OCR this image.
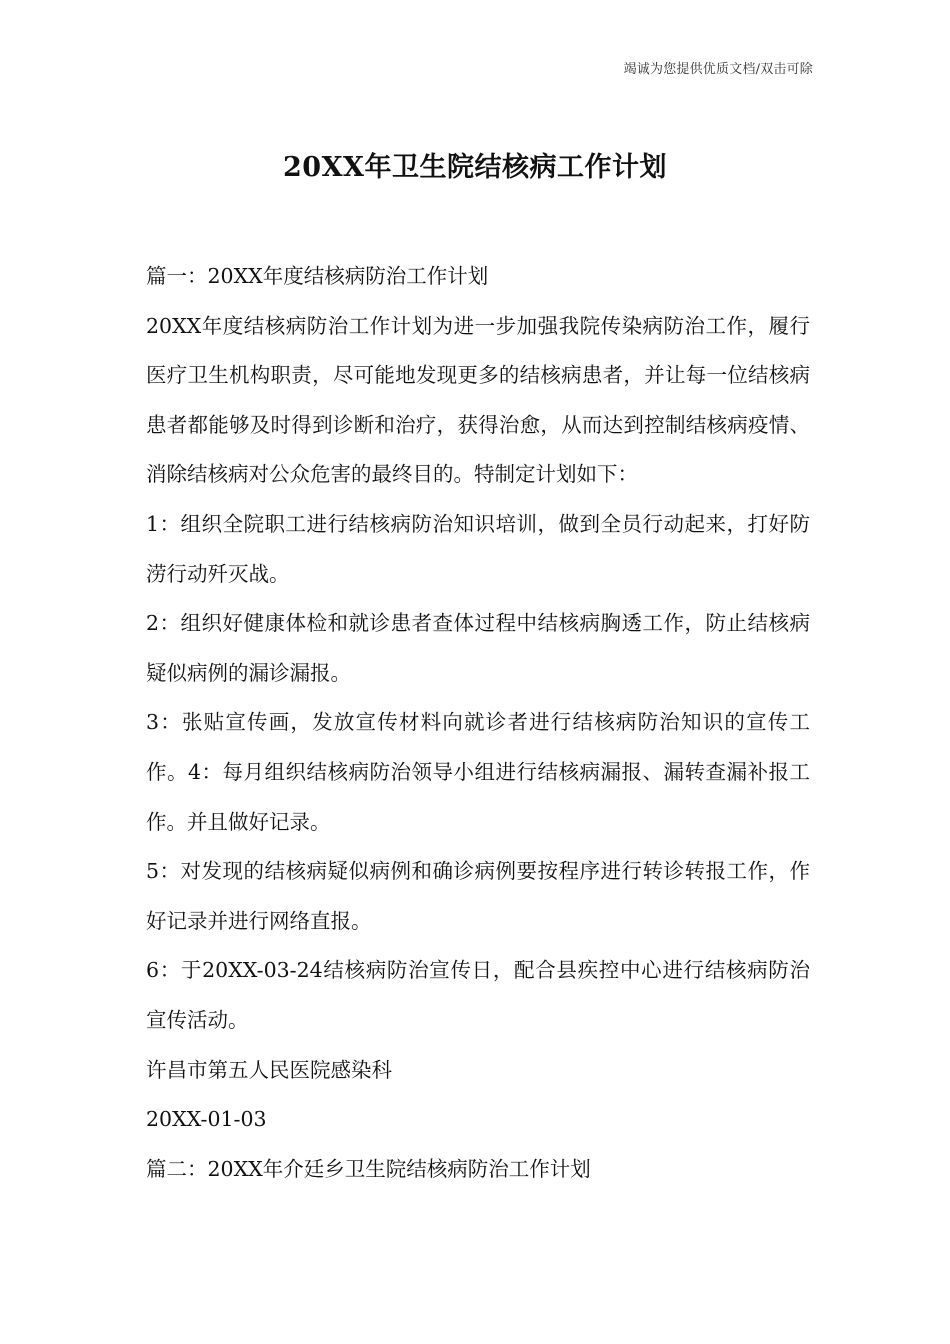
竭诚为您提供优质文档/双击可除
20XX年卫生院结核病工作计划

篇一：20XX年度结核病防治工作计划

20XX年度结核病防治工作计划为进一步加强我院传染病防治工作，履行医疗卫生机构职责，尽可能地发现更多的结核病患者，并让每一位结核病患者都能够及时得到诊断和治疗，获得治愈，从而达到控制结核病疫情、消除结核病对公众危害的最终目的。特制定计划如下：

1：组织全院职工进行结核病防治知识培训，做到全员行动起来，打好防涝行动歼灭战。

2：组织好健康体检和就诊患者查体过程中结核病胸透工作，防止结核病疑似病例的漏诊漏报。

3：张贴宣传画，发放宣传材料向就诊者进行结核病防治知识的宣传工作。4：每月组织结核病防治领导小组进行结核病漏报、漏转查漏补报工作。并且做好记录。

5：对发现的结核病疑似病例和确诊病例要按程序进行转诊转报工作，作好记录并进行网络直报。

6：于20XX-03-24结核病防治宣传日，配合县疾控中心进行结核病防治宣传活动。

许昌市第五人民医院感染科

20XX-01-03

篇二：20XX年介廷乡卫生院结核病防治工作计划
